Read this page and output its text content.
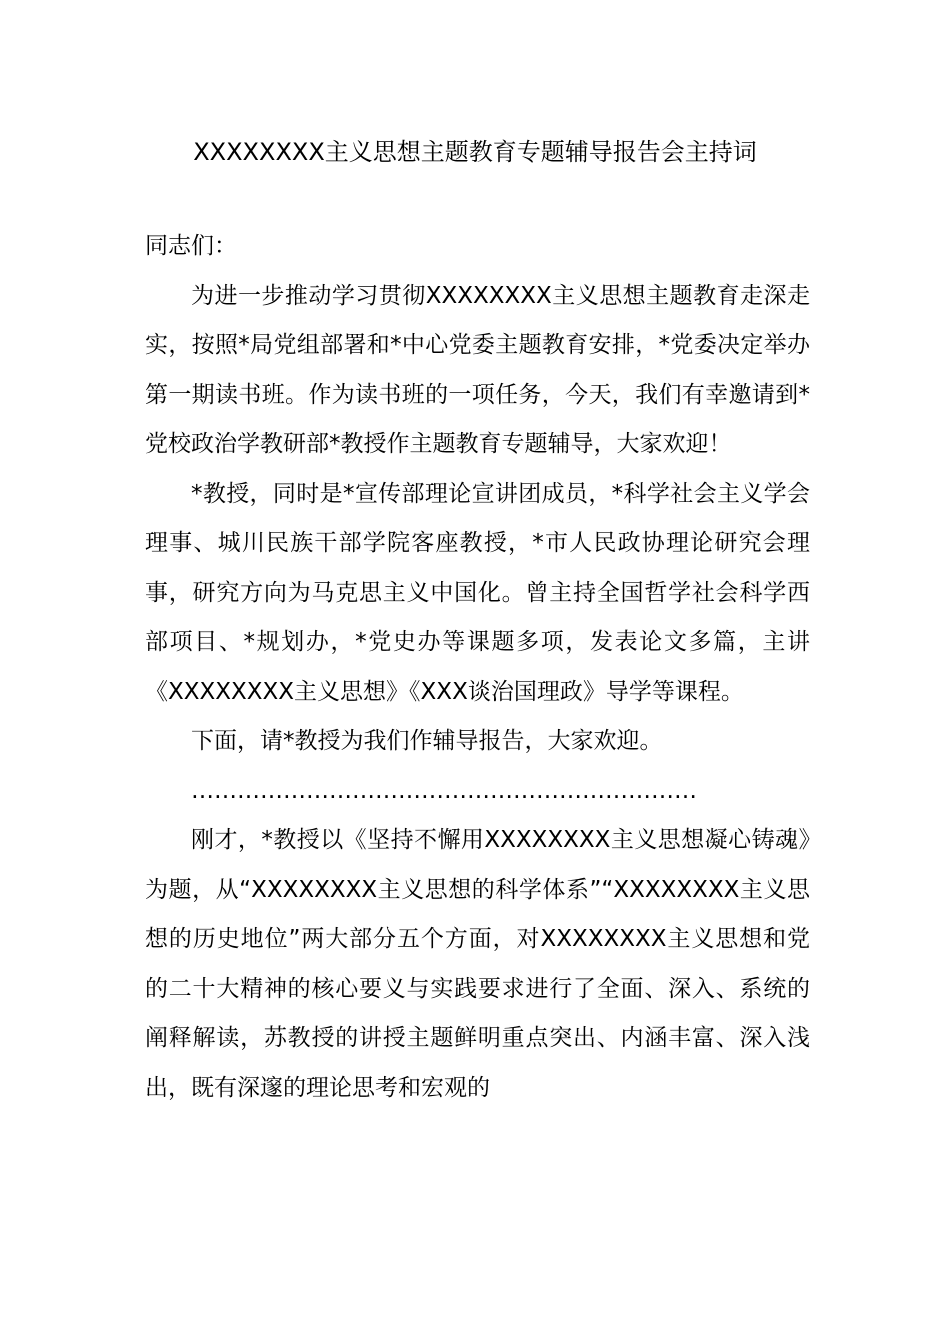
XXXXXXXX主义思想主题教育专题辅导报告会主持词

同志们：

为进一步推动学习贯彻XXXXXXXX主义思想主题教育走深走实，按照*局党组部署和*中心党委主题教育安排，*党委决定举办第一期读书班。作为读书班的一项任务，今天，我们有幸邀请到*党校政治学教研部*教授作主题教育专题辅导，大家欢迎！

*教授，同时是*宣传部理论宣讲团成员，*科学社会主义学会理事、城川民族干部学院客座教授，*市人民政协理论研究会理事，研究方向为马克思主义中国化。曾主持全国哲学社会科学西部项目、*规划办，*党史办等课题多项，发表论文多篇，主讲《XXXXXXXX主义思想》《XXX谈治国理政》导学等课程。

下面，请*教授为我们作辅导报告，大家欢迎。

…………………………………………………………

刚才，*教授以《坚持不懈用XXXXXXXX主义思想凝心铸魂》为题，从“XXXXXXXX主义思想的科学体系”“XXXXXXXX主义思想的历史地位”两大部分五个方面，对XXXXXXXX主义思想和党的二十大精神的核心要义与实践要求进行了全面、深入、系统的阐释解读，苏教授的讲授主题鲜明重点突出、内涵丰富、深入浅出，既有深邃的理论思考和宏观的
